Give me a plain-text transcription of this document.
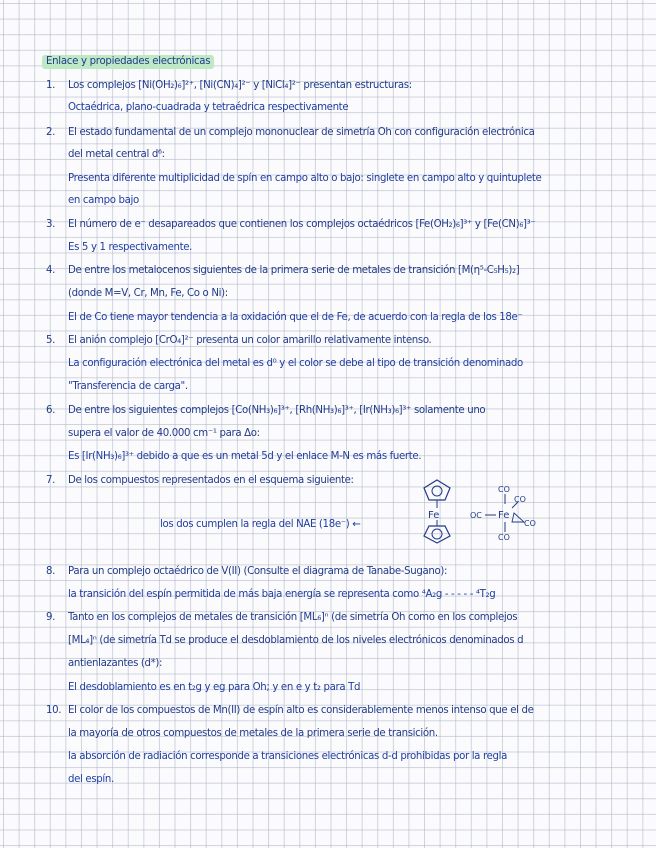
Enlace y propiedades electrónicas
1. Los complejos [Ni(OH₂)₆]²⁺, [Ni(CN)₄]²⁻ y [NiCl₄]²⁻ presentan estructuras:
Octaédrica, plano-cuadrada y tetraédrica respectivamente
2. El estado fundamental de un complejo mononuclear de simetría Oh con configuración electrónica
del metal central d⁶:
Presenta diferente multiplicidad de spín en campo alto o bajo: singlete en campo alto y quintuplete
en campo bajo
3. El número de e⁻ desapareados que contienen los complejos octaédricos [Fe(OH₂)₆]³⁺ y [Fe(CN)₆]³⁻
Es 5 y 1 respectivamente.
4. De entre los metalocenos siguientes de la primera serie de metales de transición [M(η⁵-C₅H₅)₂]
(donde M=V, Cr, Mn, Fe, Co o Ni):
El de Co tiene mayor tendencia a la oxidación que el de Fe, de acuerdo con la regla de los 18e⁻
5. El anión complejo [CrO₄]²⁻ presenta un color amarillo relativamente intenso.
La configuración electrónica del metal es d⁰ y el color se debe al tipo de transición denominado
"Transferencia de carga".
6. De entre los siguientes complejos [Co(NH₃)₆]³⁺, [Rh(NH₃)₆]³⁺, [Ir(NH₃)₆]³⁺ solamente uno
supera el valor de 40.000 cm⁻¹ para Δo:
Es [Ir(NH₃)₆]³⁺ debido a que es un metal 5d y el enlace M-N es más fuerte.
7. De los compuestos representados en el esquema siguiente:
los dos cumplen la regla del NAE (18e⁻) ←
Fe
CO
CO
OC Fe
CO
CO
8. Para un complejo octaédrico de V(II) (Consulte el diagrama de Tanabe-Sugano):
la transición del espín permitida de más baja energía se representa como ⁴A₂g - - - - - ⁴T₂g
9. Tanto en los complejos de metales de transición [ML₆]ⁿ (de simetría Oh como en los complejos
[ML₄]ⁿ (de simetría Td se produce el desdoblamiento de los niveles electrónicos denominados d
antienlazantes (d*):
El desdoblamiento es en t₂g y eg para Oh; y en e y t₂ para Td
10. El color de los compuestos de Mn(II) de espín alto es considerablemente menos intenso que el de
la mayoría de otros compuestos de metales de la primera serie de transición.
la absorción de radiación corresponde a transiciones electrónicas d-d prohibidas por la regla
del espín.
